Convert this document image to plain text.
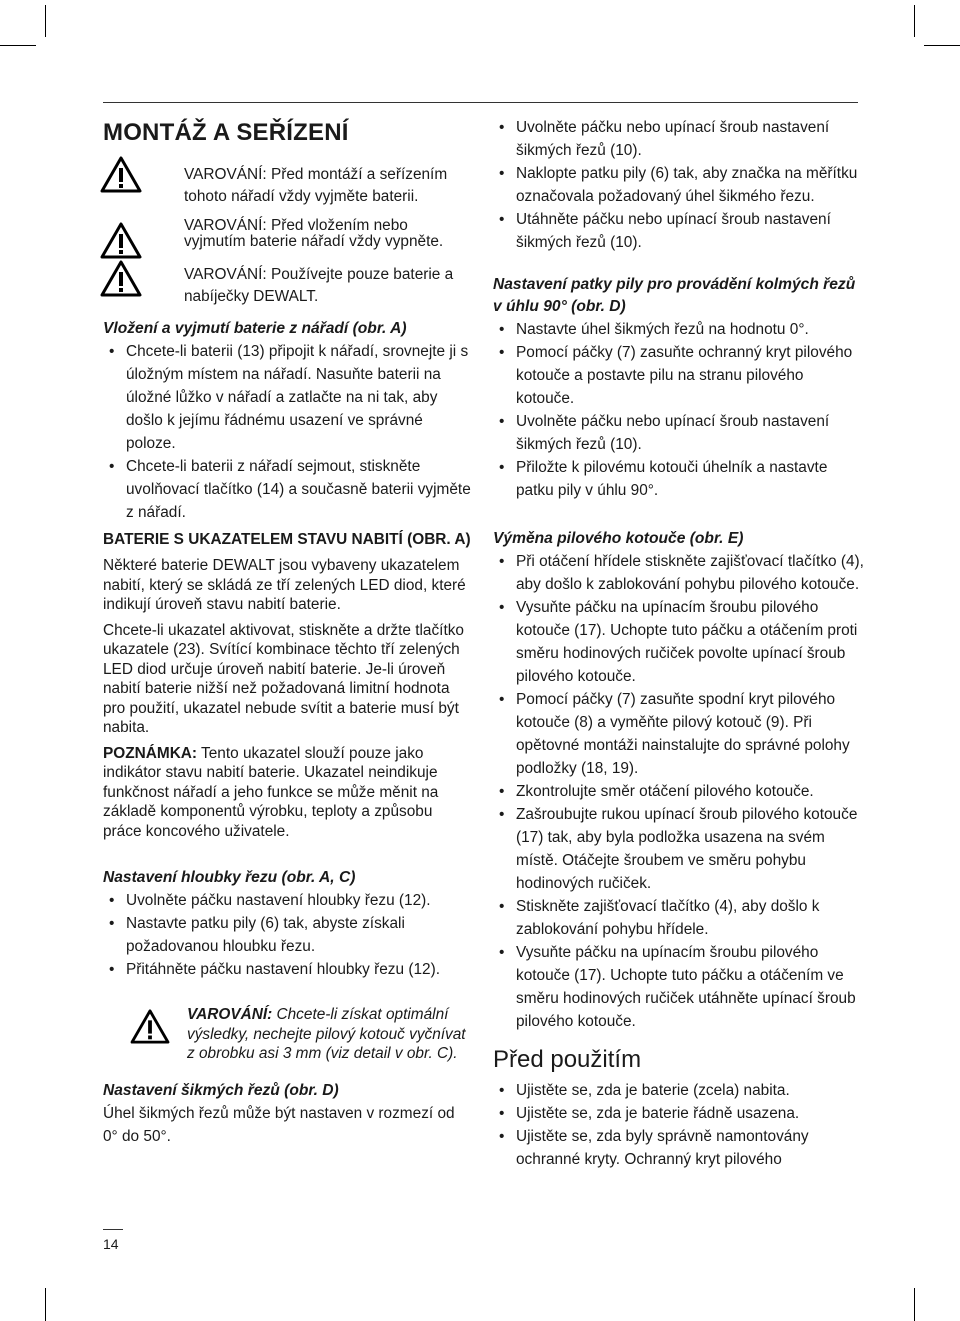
MONTÁŽ A SEŘÍZENÍ
VAROVÁNÍ: Před montáží a seřízením tohoto nářadí vždy vyjměte baterii.
VAROVÁNÍ: Před vložením nebo vyjmutím baterie nářadí vždy vypněte.
VAROVÁNÍ: Používejte pouze baterie a nabíječky DEWALT.

Vložení a vyjmutí baterie z nářadí (obr. A)

• Chcete-li baterii (13) připojit k nářadí, srovnejte ji s úložným místem na nářadí. Nasuňte baterii na úložné lůžko v nářadí a zatlačte na ni tak, aby došlo k jejímu řádnému usazení ve správné poloze.
• Chcete-li baterii z nářadí sejmout, stiskněte uvolňovací tlačítko (14) a současně baterii vyjměte z nářadí.

BATERIE S UKAZATELEM STAVU NABITÍ (OBR. A)

Některé baterie DEWALT jsou vybaveny ukazatelem nabití, který se skládá ze tří zelených LED diod, které indikují úroveň stavu nabití baterie.

Chcete-li ukazatel aktivovat, stiskněte a držte tlačítko ukazatele (23). Svítící kombinace těchto tří zelených LED diod určuje úroveň nabití baterie. Je-li úroveň nabití baterie nižší než požadovaná limitní hodnota pro použití, ukazatel nebude svítit a baterie musí být nabita.

POZNÁMKA: Tento ukazatel slouží pouze jako indikátor stavu nabití baterie. Ukazatel neindikuje funkčnost nářadí a jeho funkce se může měnit na základě komponentů výrobku, teploty a způsobu práce koncového uživatele.

Nastavení hloubky řezu (obr. A, C)

• Uvolněte páčku nastavení hloubky řezu (12).
• Nastavte patku pily (6) tak, abyste získali požadovanou hloubku řezu.
• Přitáhněte páčku nastavení hloubky řezu (12).
VAROVÁNÍ: Chcete-li získat optimální výsledky, nechejte pilový kotouč vyčnívat z obrobku asi 3 mm (viz detail v obr. C).

Nastavení šikmých řezů (obr. D)

Úhel šikmých řezů může být nastaven v rozmezí od 0° do 50°.

• Uvolněte páčku nebo upínací šroub nastavení šikmých řezů (10).
• Naklopte patku pily (6) tak, aby značka na měřítku označovala požadovaný úhel šikmého řezu.
• Utáhněte páčku nebo upínací šroub nastavení šikmých řezů (10).

Nastavení patky pily pro provádění kolmých řezů v úhlu 90° (obr. D)

• Nastavte úhel šikmých řezů na hodnotu 0°.
• Pomocí páčky (7) zasuňte ochranný kryt pilového kotouče a postavte pilu na stranu pilového kotouče.
• Uvolněte páčku nebo upínací šroub nastavení šikmých řezů (10).
• Přiložte k pilovému kotouči úhelník a nastavte patku pily v úhlu 90°.

Výměna pilového kotouče (obr. E)

• Při otáčení hřídele stiskněte zajišťovací tlačítko (4), aby došlo k zablokování pohybu pilového kotouče.
• Vysuňte páčku na upínacím šroubu pilového kotouče (17). Uchopte tuto páčku a otáčením proti směru hodinových ručiček povolte upínací šroub pilového kotouče.
• Pomocí páčky (7) zasuňte spodní kryt pilového kotouče (8) a vyměňte pilový kotouč (9). Při opětovné montáži nainstalujte do správné polohy podložky (18, 19).
• Zkontrolujte směr otáčení pilového kotouče.
• Zašroubujte rukou upínací šroub pilového kotouče (17) tak, aby byla podložka usazena na svém místě. Otáčejte šroubem ve směru pohybu hodinových ručiček.
• Stiskněte zajišťovací tlačítko (4), aby došlo k zablokování pohybu hřídele.
• Vysuňte páčku na upínacím šroubu pilového kotouče (17). Uchopte tuto páčku a otáčením ve směru hodinových ručiček utáhněte upínací šroub pilového kotouče.
Před použitím
• Ujistěte se, zda je baterie (zcela) nabita.
• Ujistěte se, zda je baterie řádně usazena.
• Ujistěte se, zda byly správně namontovány ochranné kryty. Ochranný kryt pilového
14
